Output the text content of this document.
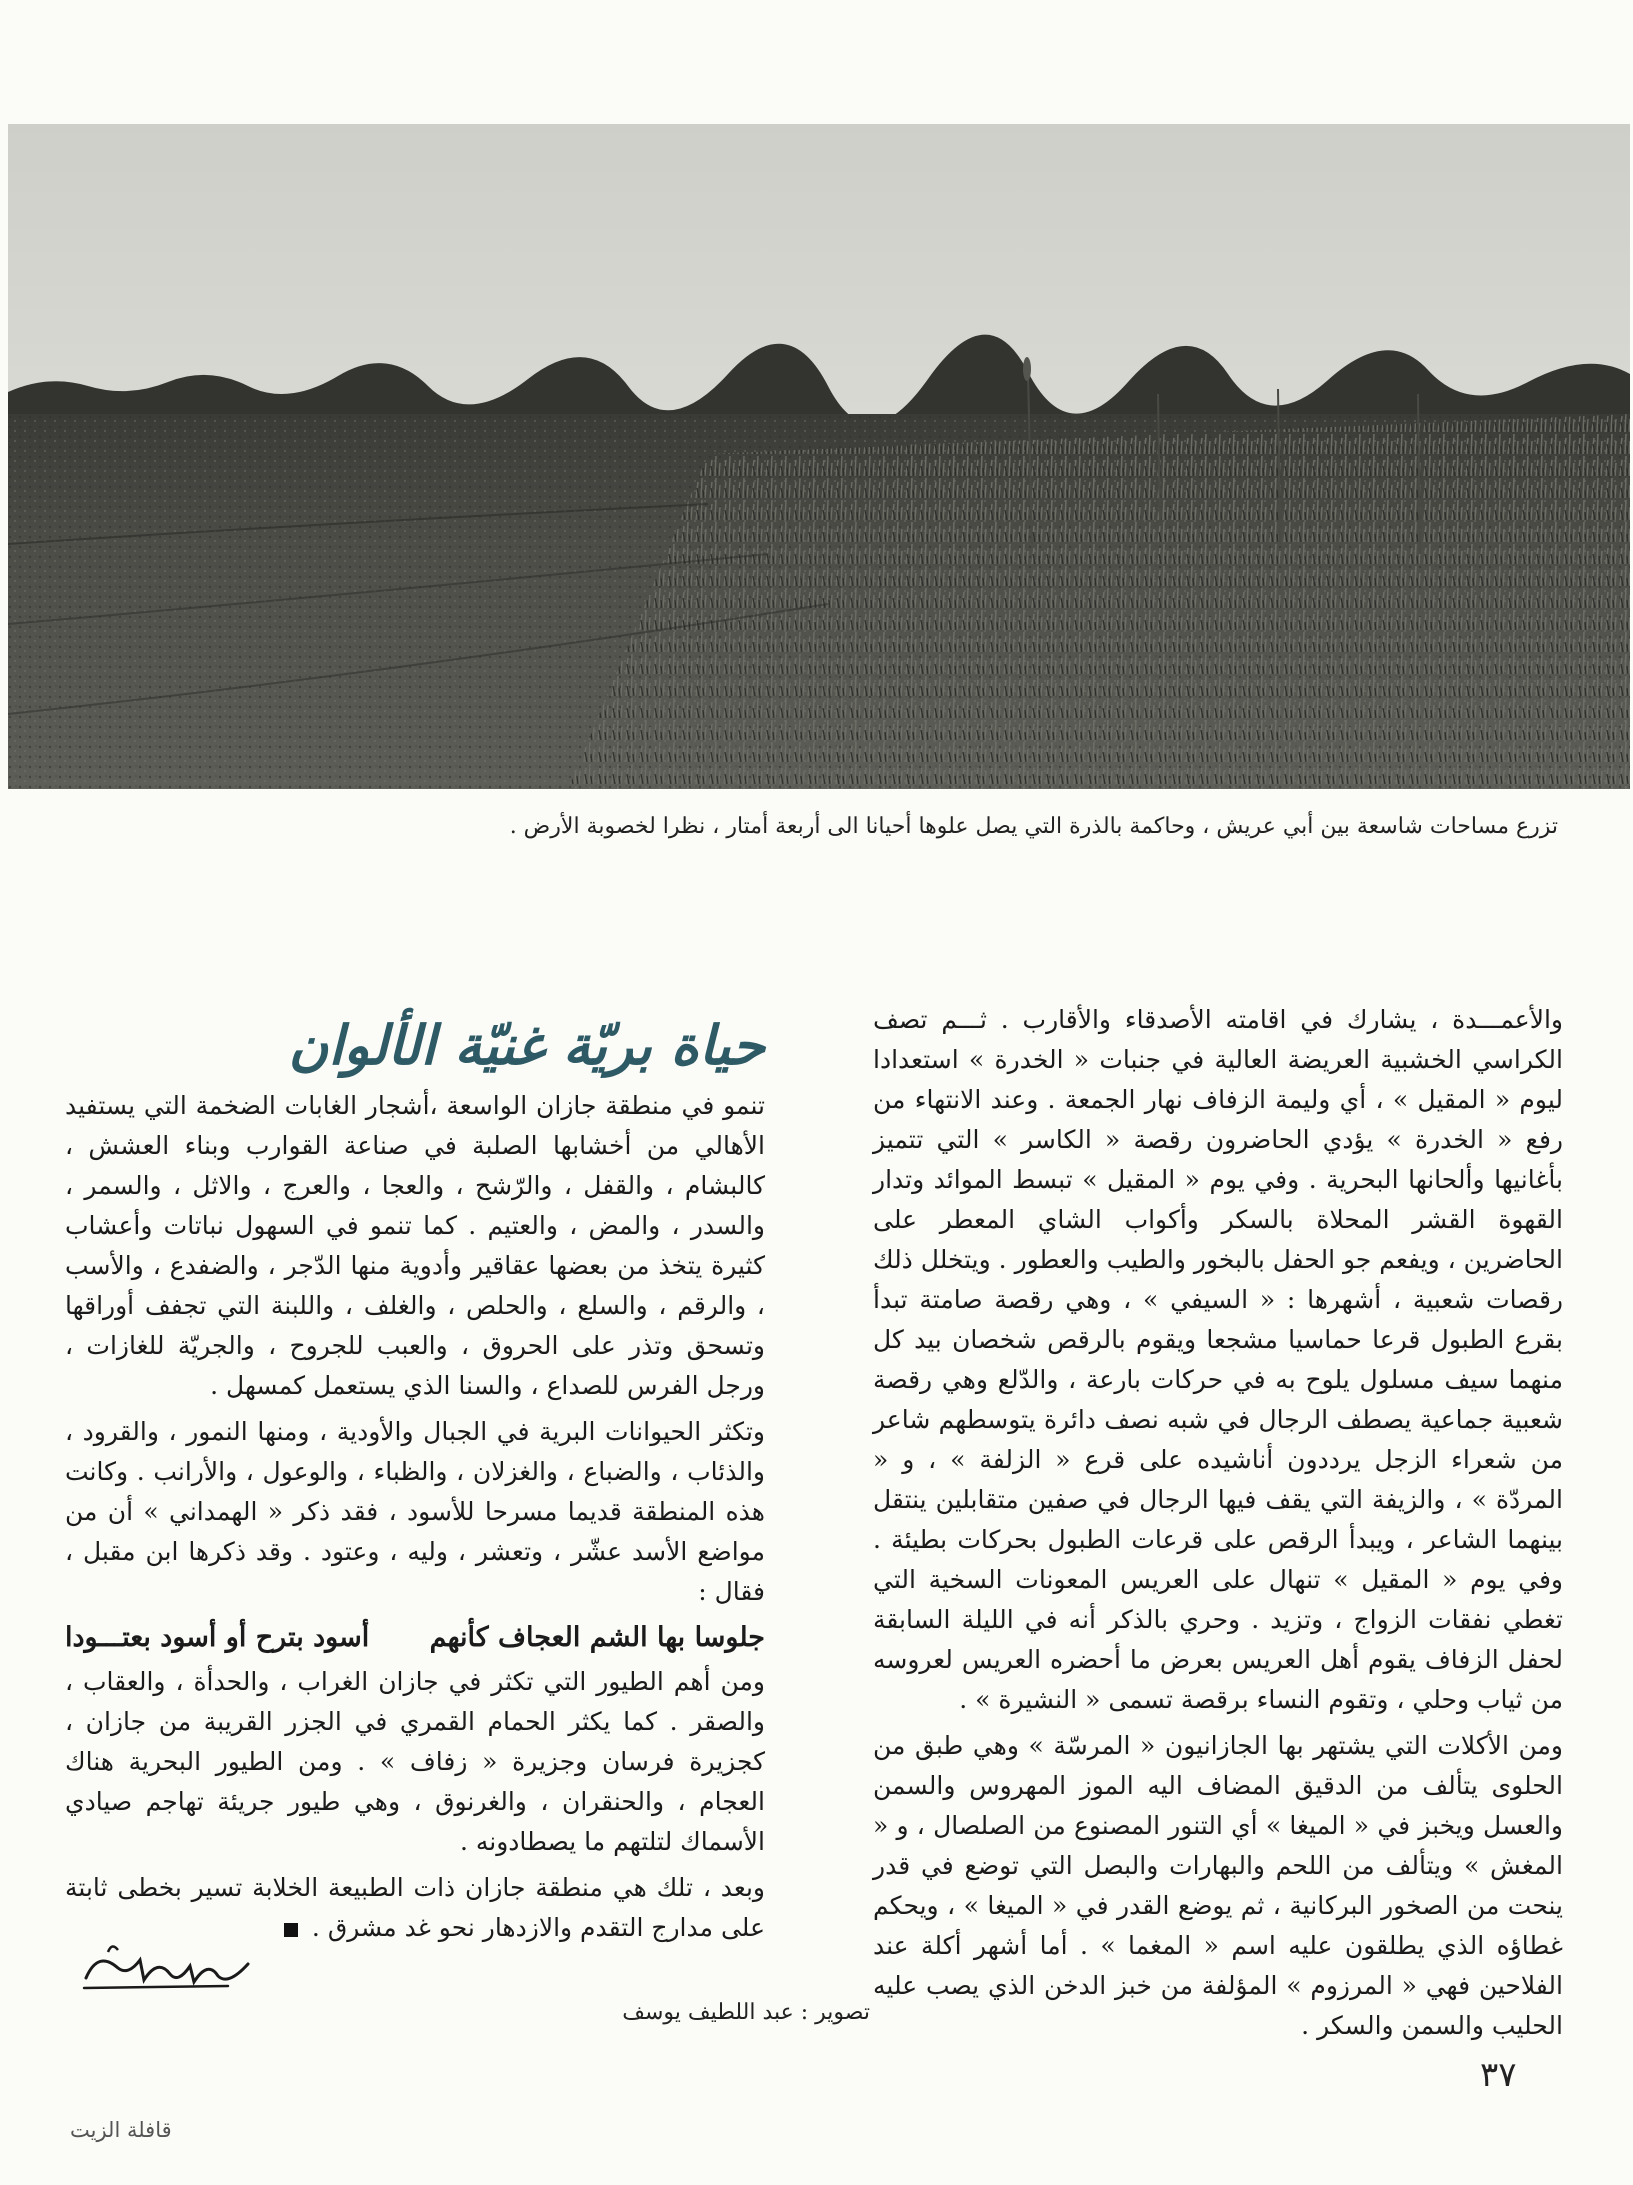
تزرع مساحات شاسعة بين أبي عريش ، وحاكمة بالذرة التي يصل علوها أحيانا الى أربعة أمتار ، نظرا لخصوبة الأرض .

والأعمـــدة ، يشارك في اقامته الأصدقاء والأقارب . ثـــم تصف الكراسي الخشبية العريضة العالية في جنبات « الخدرة » استعدادا ليوم « المقيل » ، أي وليمة الزفاف نهار الجمعة . وعند الانتهاء من رفع « الخدرة » يؤدي الحاضرون رقصة « الكاسر » التي تتميز بأغانيها وألحانها البحرية . وفي يوم « المقيل » تبسط الموائد وتدار القهوة القشر المحلاة بالسكر وأكواب الشاي المعطر على الحاضرين ، ويفعم جو الحفل بالبخور والطيب والعطور . ويتخلل ذلك رقصات شعبية ، أشهرها : « السيفي » ، وهي رقصة صامتة تبدأ بقرع الطبول قرعا حماسيا مشجعا ويقوم بالرقص شخصان بيد كل منهما سيف مسلول يلوح به في حركات بارعة ، والدّلع وهي رقصة شعبية جماعية يصطف الرجال في شبه نصف دائرة يتوسطهم شاعر من شعراء الزجل يرددون أناشيده على قرع « الزلفة » ، و « المردّة » ، والزيفة التي يقف فيها الرجال في صفين متقابلين ينتقل بينهما الشاعر ، ويبدأ الرقص على قرعات الطبول بحركات بطيئة . وفي يوم « المقيل » تنهال على العريس المعونات السخية التي تغطي نفقات الزواج ، وتزيد . وحري بالذكر أنه في الليلة السابقة لحفل الزفاف يقوم أهل العريس بعرض ما أحضره العريس لعروسه من ثياب وحلي ، وتقوم النساء برقصة تسمى « النشيرة » .

ومن الأكلات التي يشتهر بها الجازانيون « المرسّة » وهي طبق من الحلوى يتألف من الدقيق المضاف اليه الموز المهروس والسمن والعسل ويخبز في « الميغا » أي التنور المصنوع من الصلصال ، و « المغش » ويتألف من اللحم والبهارات والبصل التي توضع في قدر ينحت من الصخور البركانية ، ثم يوضع القدر في « الميغا » ، ويحكم غطاؤه الذي يطلقون عليه اسم « المغما » . أما أشهر أكلة عند الفلاحين فهي « المرزوم » المؤلفة من خبز الدخن الذي يصب عليه الحليب والسمن والسكر .

حياة بريّة غنيّة الألوان

تنمو في منطقة جازان الواسعة ،أشجار الغابات الضخمة التي يستفيد الأهالي من أخشابها الصلبة في صناعة القوارب وبناء العشش ، كالبشام ، والقفل ، والرّشح ، والعجا ، والعرج ، والاثل ، والسمر ، والسدر ، والمض ، والعتيم . كما تنمو في السهول نباتات وأعشاب كثيرة يتخذ من بعضها عقاقير وأدوية منها الدّجر ، والضفدع ، والأسب ، والرقم ، والسلع ، والحلص ، والغلف ، واللبنة التي تجفف أوراقها وتسحق وتذر على الحروق ، والعبب للجروح ، والجريّة للغازات ، ورجل الفرس للصداع ، والسنا الذي يستعمل كمسهل .

وتكثر الحيوانات البرية في الجبال والأودية ، ومنها النمور ، والقرود ، والذئاب ، والضباع ، والغزلان ، والظباء ، والوعول ، والأرانب . وكانت هذه المنطقة قديما مسرحا للأسود ، فقد ذكر « الهمداني » أن من مواضع الأسد عشّر ، وتعشر ، وليه ، وعتود . وقد ذكرها ابن مقبل ، فقال :

جلوسا بها الشم العجاف كأنهم
أسود بترح أو أسود بعتـــودا

ومن أهم الطيور التي تكثر في جازان الغراب ، والحدأة ، والعقاب ، والصقر . كما يكثر الحمام القمري في الجزر القريبة من جازان ، كجزيرة فرسان وجزيرة « زفاف » . ومن الطيور البحرية هناك العجام ، والحنقران ، والغرنوق ، وهي طيور جريئة تهاجم صيادي الأسماك لتلتهم ما يصطادونه .

وبعد ، تلك هي منطقة جازان ذات الطبيعة الخلابة تسير بخطى ثابتة على مدارج التقدم والازدهار نحو غد مشرق .

تصوير : عبد اللطيف يوسف
٣٧
قافلة الزيت
